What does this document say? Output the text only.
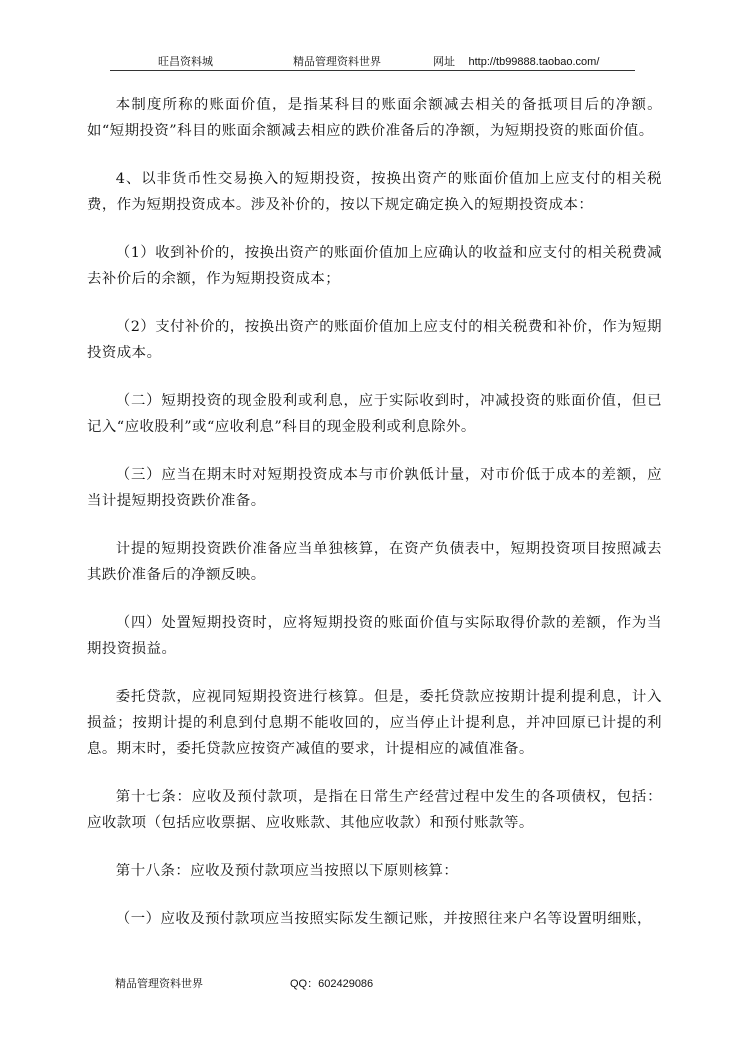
旺昌资料城	精品管理资料世界	网址 http://tb99888.taobao.com/

本制度所称的账面价值，是指某科目的账面余额减去相关的备抵项目后的净额。如“短期投资”科目的账面余额减去相应的跌价准备后的净额，为短期投资的账面价值。

4、以非货币性交易换入的短期投资，按换出资产的账面价值加上应支付的相关税费，作为短期投资成本。涉及补价的，按以下规定确定换入的短期投资成本：

（1）收到补价的，按换出资产的账面价值加上应确认的收益和应支付的相关税费减去补价后的余额，作为短期投资成本；

（2）支付补价的，按换出资产的账面价值加上应支付的相关税费和补价，作为短期投资成本。

（二）短期投资的现金股利或利息，应于实际收到时，冲减投资的账面价值，但已记入“应收股利”或“应收利息”科目的现金股利或利息除外。

（三）应当在期末时对短期投资成本与市价孰低计量，对市价低于成本的差额，应当计提短期投资跌价准备。

计提的短期投资跌价准备应当单独核算，在资产负债表中，短期投资项目按照减去其跌价准备后的净额反映。

（四）处置短期投资时，应将短期投资的账面价值与实际取得价款的差额，作为当期投资损益。

委托贷款，应视同短期投资进行核算。但是，委托贷款应按期计提利提利息，计入损益；按期计提的利息到付息期不能收回的，应当停止计提利息，并冲回原已计提的利息。期末时，委托贷款应按资产减值的要求，计提相应的减值准备。

第十七条：应收及预付款项，是指在日常生产经营过程中发生的各项债权，包括：应收款项（包括应收票据、应收账款、其他应收款）和预付账款等。

第十八条：应收及预付款项应当按照以下原则核算：

（一）应收及预付款项应当按照实际发生额记账，并按照往来户名等设置明细账，

精品管理资料世界	QQ：602429086
